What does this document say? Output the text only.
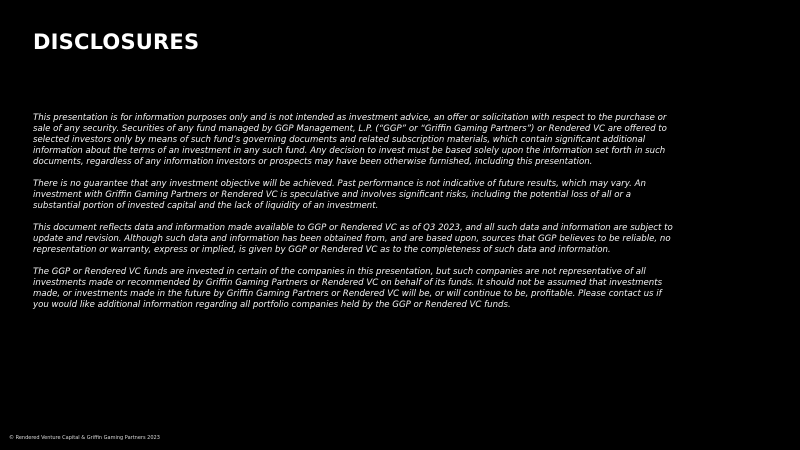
DISCLOSURES

This presentation is for information purposes only and is not intended as investment advice, an offer or solicitation with respect to the purchase or sale of any security. Securities of any fund managed by GGP Management, L.P. (“GGP” or “Griffin Gaming Partners”) or Rendered VC are offered to selected investors only by means of such fund’s governing documents and related subscription materials, which contain significant additional information about the terms of an investment in any such fund. Any decision to invest must be based solely upon the information set forth in such documents, regardless of any information investors or prospects may have been otherwise furnished, including this presentation.

There is no guarantee that any investment objective will be achieved. Past performance is not indicative of future results, which may vary. An investment with Griffin Gaming Partners or Rendered VC is speculative and involves significant risks, including the potential loss of all or a substantial portion of invested capital and the lack of liquidity of an investment.

This document reflects data and information made available to GGP or Rendered VC as of Q3 2023, and all such data and information are subject to update and revision. Although such data and information has been obtained from, and are based upon, sources that GGP believes to be reliable, no representation or warranty, express or implied, is given by GGP or Rendered VC as to the completeness of such data and information.

The GGP or Rendered VC funds are invested in certain of the companies in this presentation, but such companies are not representative of all investments made or recommended by Griffin Gaming Partners or Rendered VC on behalf of its funds. It should not be assumed that investments made, or investments made in the future by Griffin Gaming Partners or Rendered VC will be, or will continue to be, profitable. Please contact us if you would like additional information regarding all portfolio companies held by the GGP or Rendered VC funds.

© Rendered Venture Capital & Griffin Gaming Partners 2023
